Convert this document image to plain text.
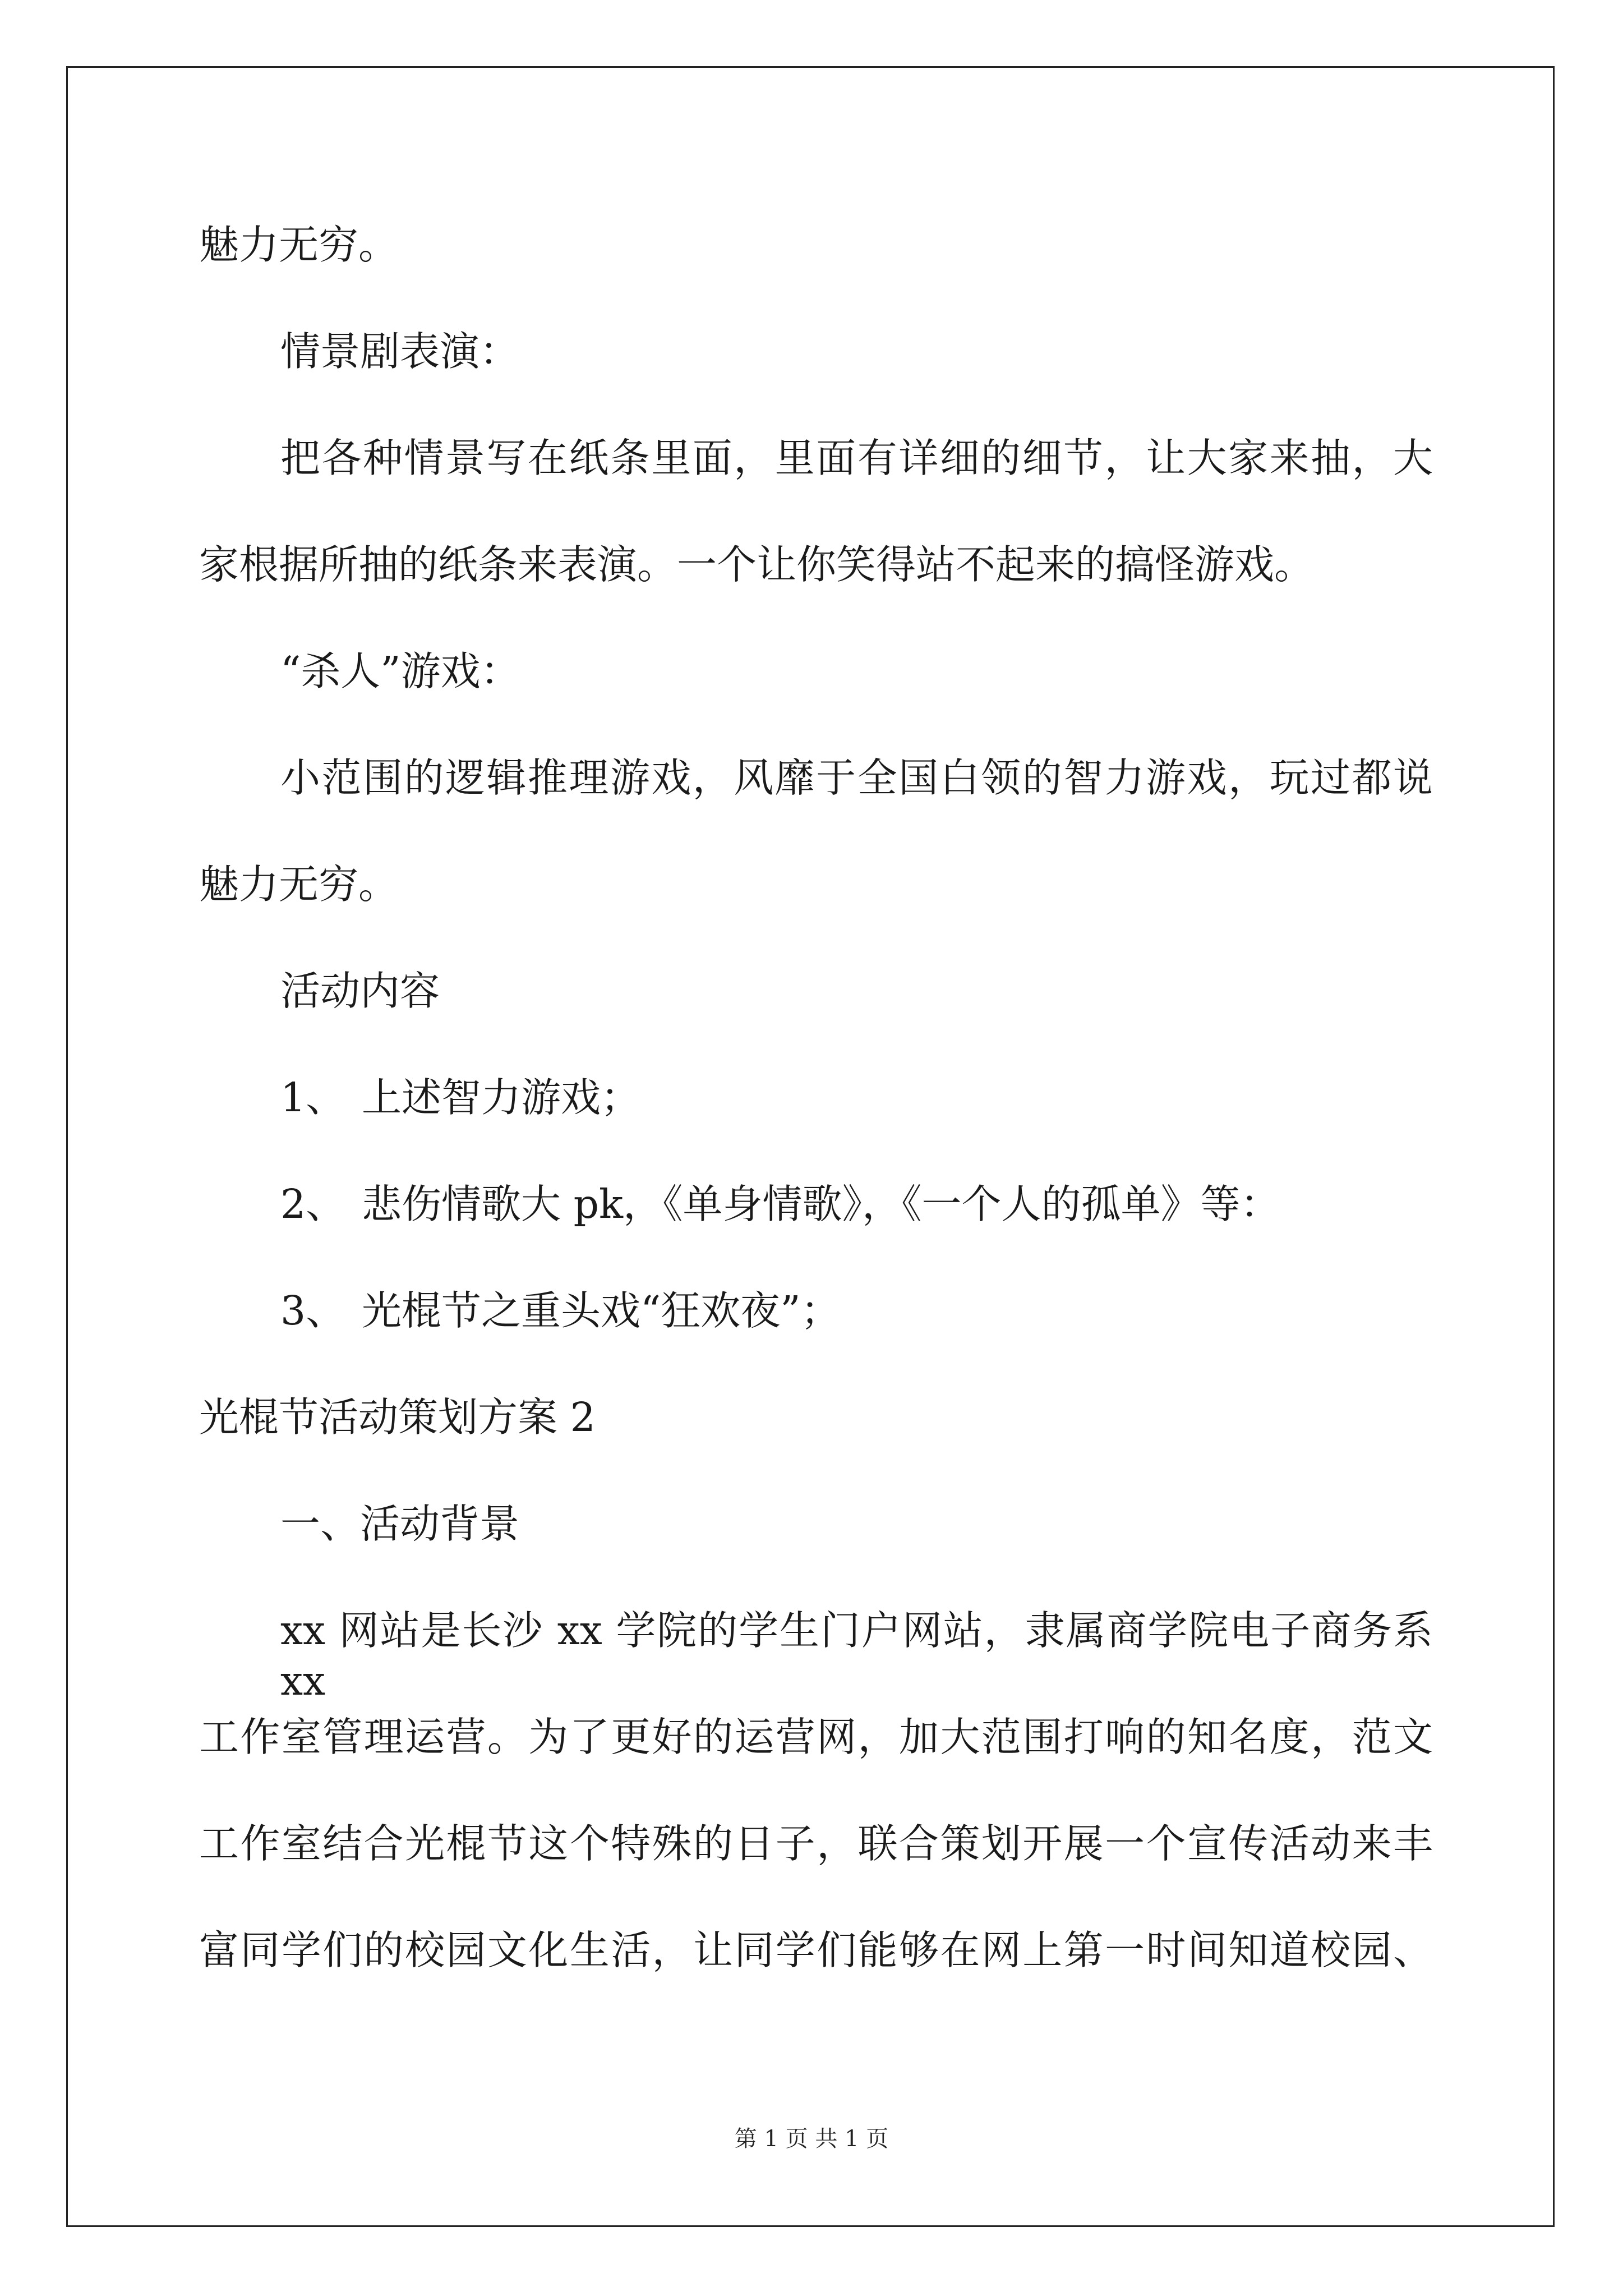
魅力无穷。
情景剧表演：
把各种情景写在纸条里面，里面有详细的细节，让大家来抽，大
家根据所抽的纸条来表演。一个让你笑得站不起来的搞怪游戏。
“杀人”游戏：
小范围的逻辑推理游戏，风靡于全国白领的智力游戏，玩过都说
魅力无穷。
活动内容
1、 上述智力游戏；
2、 悲伤情歌大 pk，《单身情歌》，《一个人的孤单》等：
3、 光棍节之重头戏“狂欢夜”；
光棍节活动策划方案 2
一、活动背景
xx 网站是长沙 xx 学院的学生门户网站，隶属商学院电子商务系 xx
工作室管理运营。为了更好的运营网，加大范围打响的知名度，范文
工作室结合光棍节这个特殊的日子，联合策划开展一个宣传活动来丰
富同学们的校园文化生活，让同学们能够在网上第一时间知道校园、
第 1 页 共 1 页
